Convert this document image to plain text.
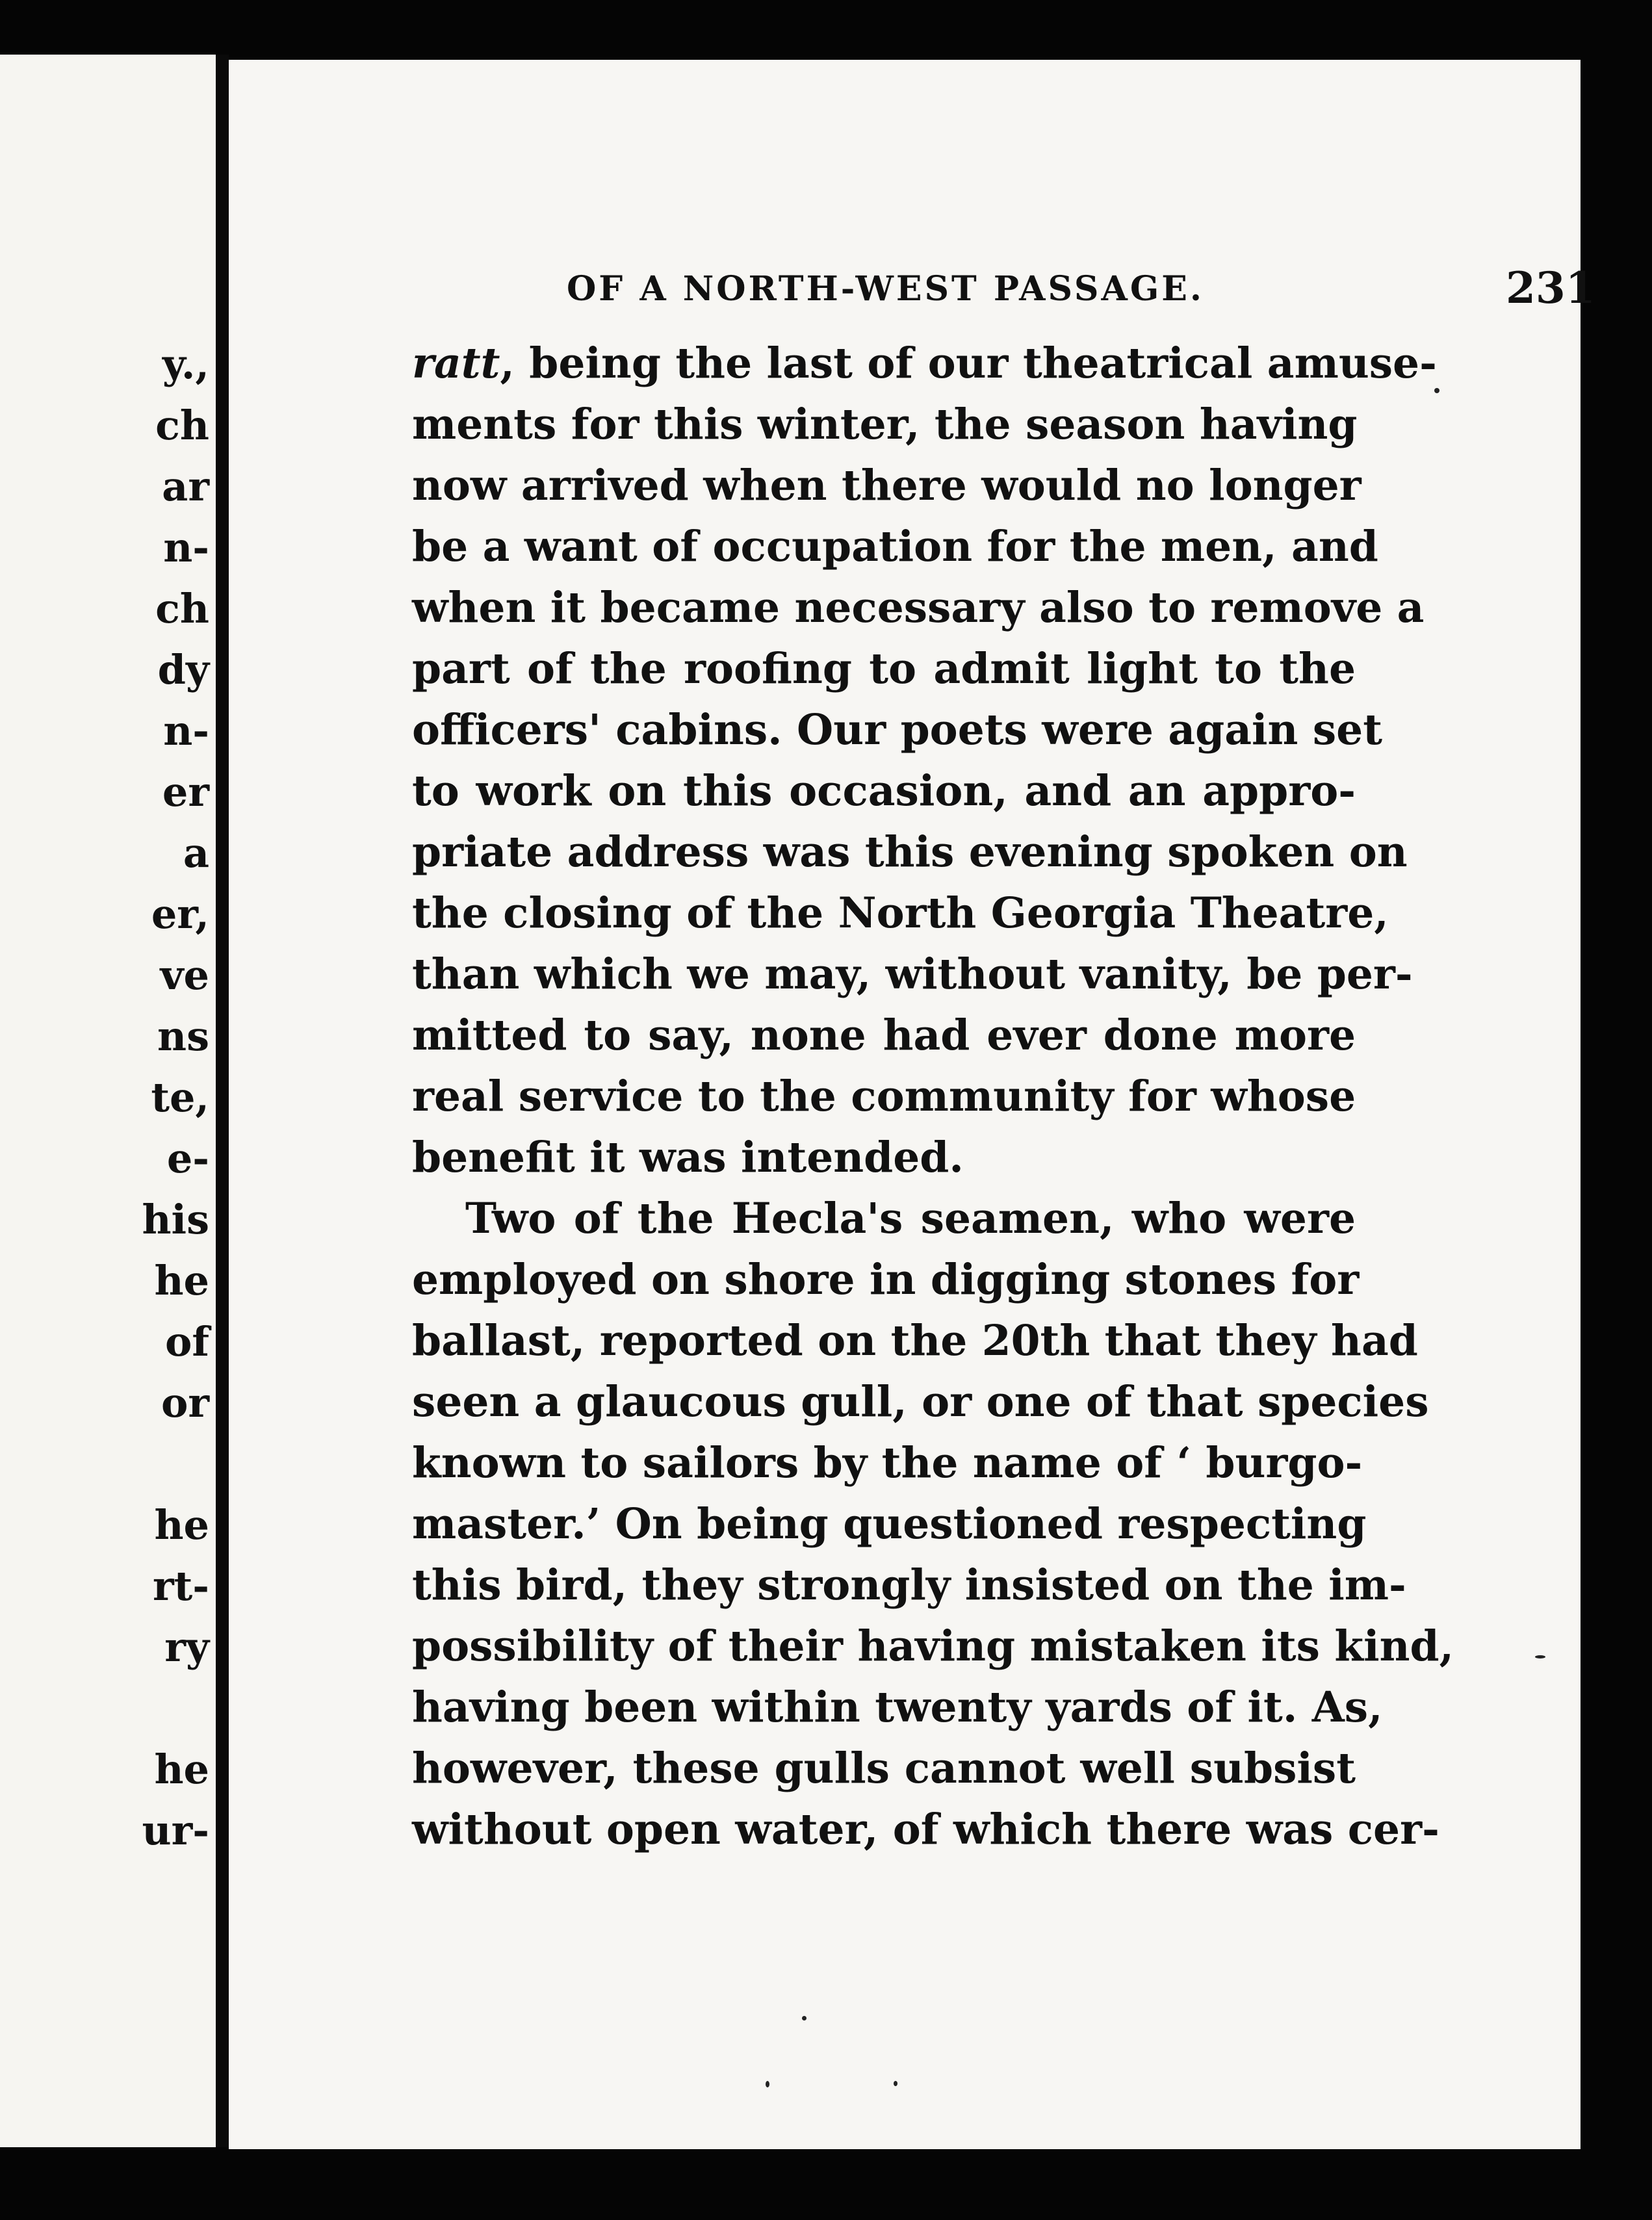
y.,
ch
ar
n-
ch
dy
n-
er
a
er,
ve
ns
te,
e-
his
he
of
or

he
rt-
ry

he
ur-
OF A NORTH-WEST PASSAGE.	231
ratt, being the last of our theatrical amuse-
ments for this winter, the season having
now arrived when there would no longer
be a want of occupation for the men, and
when it became necessary also to remove a
part of the roofing to admit light to the
officers' cabins. Our poets were again set
to work on this occasion, and an appro-
priate address was this evening spoken on
the closing of the North Georgia Theatre,
than which we may, without vanity, be per-
mitted to say, none had ever done more
real service to the community for whose
benefit it was intended.
Two of the Hecla's seamen, who were
employed on shore in digging stones for
ballast, reported on the 20th that they had
seen a glaucous gull, or one of that species
known to sailors by the name of ‘ burgo-
master.’ On being questioned respecting
this bird, they strongly insisted on the im-
possibility of their having mistaken its kind,
having been within twenty yards of it. As,
however, these gulls cannot well subsist
without open water, of which there was cer-
